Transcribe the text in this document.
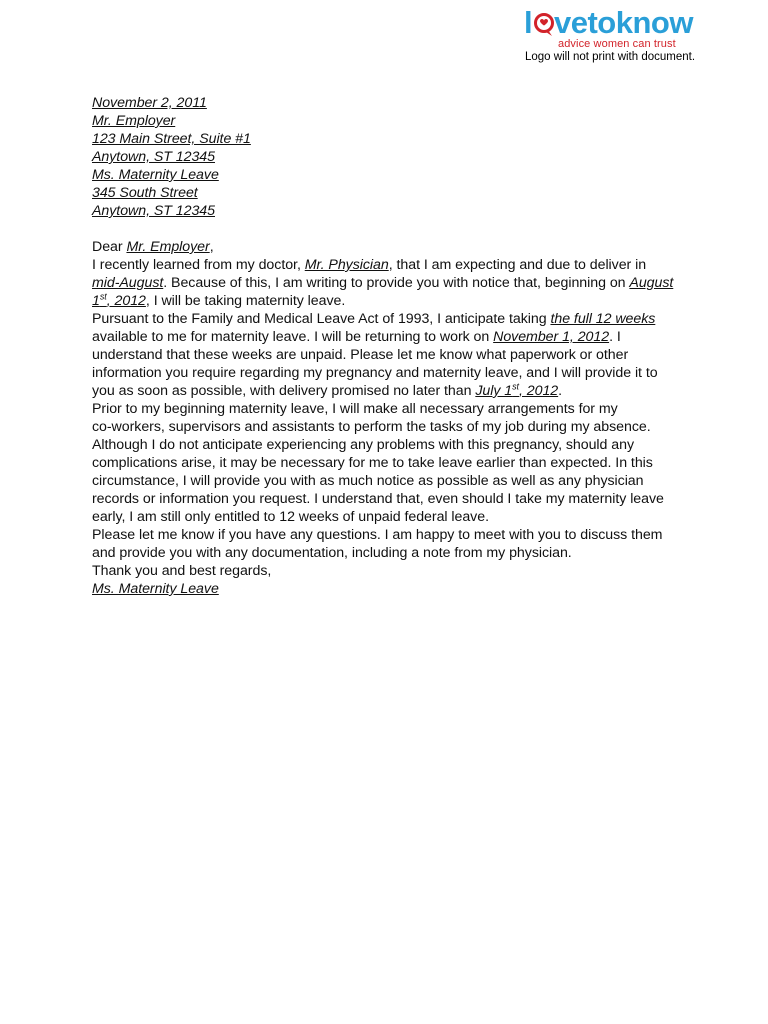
l vetoknow
advice women can trust
Logo will not print with document.
November 2, 2011
Mr. Employer
123 Main Street, Suite #1
Anytown, ST 12345
Ms. Maternity Leave
345 South Street
Anytown, ST 12345

Dear Mr. Employer,

I recently learned from my doctor, Mr. Physician, that I am expecting and due to deliver in
mid-August. Because of this, I am writing to provide you with notice that, beginning on August
1st, 2012, I will be taking maternity leave.

Pursuant to the Family and Medical Leave Act of 1993, I anticipate taking the full 12 weeks
available to me for maternity leave. I will be returning to work on November 1, 2012. I
understand that these weeks are unpaid. Please let me know what paperwork or other
information you require regarding my pregnancy and maternity leave, and I will provide it to
you as soon as possible, with delivery promised no later than July 1st, 2012.

Prior to my beginning maternity leave, I will make all necessary arrangements for my
co-workers, supervisors and assistants to perform the tasks of my job during my absence.

Although I do not anticipate experiencing any problems with this pregnancy, should any
complications arise, it may be necessary for me to take leave earlier than expected. In this
circumstance, I will provide you with as much notice as possible as well as any physician
records or information you request. I understand that, even should I take my maternity leave
early, I am still only entitled to 12 weeks of unpaid federal leave.

Please let me know if you have any questions. I am happy to meet with you to discuss them
and provide you with any documentation, including a note from my physician.

Thank you and best regards,

Ms. Maternity Leave
